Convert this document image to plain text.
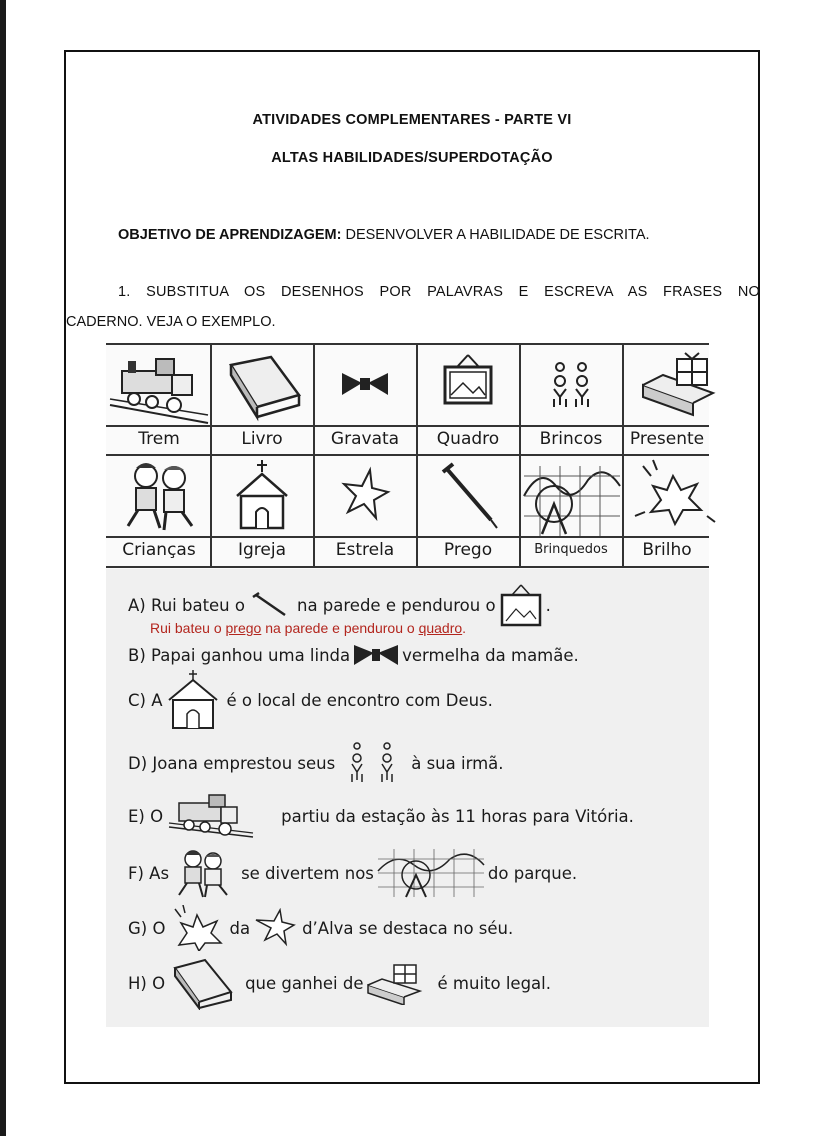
ATIVIDADES COMPLEMENTARES - PARTE VI
ALTAS HABILIDADES/SUPERDOTAÇÃO
OBJETIVO DE APRENDIZAGEM: DESENVOLVER A HABILIDADE DE ESCRITA.
1. SUBSTITUA OS DESENHOS POR PALAVRAS E ESCREVA AS FRASES NO
CADERNO. VEJA O EXEMPLO.
Trem	Livro	Gravata	Quadro	Brincos	Presente
Crianças	Igreja	Estrela	Prego	Brinquedos	Brilho
A) Rui bateu o	na parede e pendurou o	.
Rui bateu o prego na parede e pendurou o quadro.
B) Papai ganhou uma linda	vermelha da mamãe.
C) A	é o local de encontro com Deus.
D) Joana emprestou seus	à sua irmã.
E) O	partiu da estação às 11 horas para Vitória.
F) As	se divertem nos	do parque.
G) O	da	d’Alva se destaca no séu.
H) O	que ganhei de	é muito legal.
